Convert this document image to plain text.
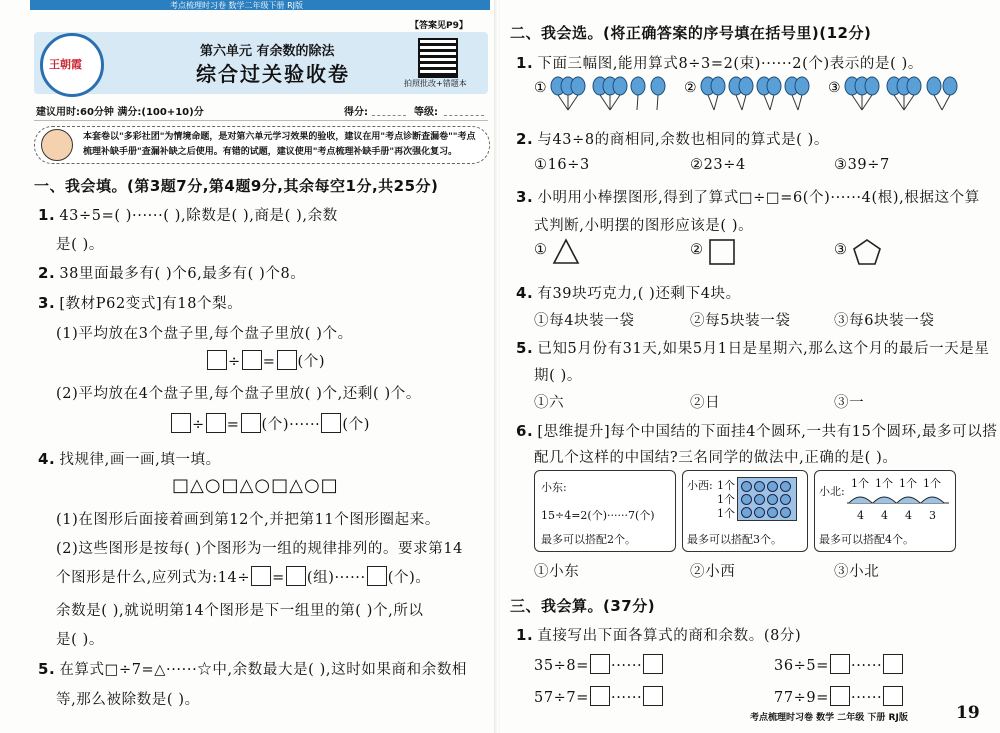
考点梳理时习卷 数学二年级下册 RJ版
【答案见P9】
王朝霞
第六单元 有余数的除法
综合过关验收卷	拍照批改+错题本
建议用时:60分钟 满分:(100+10)分	得分:	等级:
本套卷以"多彩社团"为情境命题，是对第六单元学习效果的验收，建议在用"考点诊断查漏卷""考点梳理补缺手册"查漏补缺之后使用。有错的试题，建议使用"考点梳理补缺手册"再次强化复习。
一、我会填。(第3题7分,第4题9分,其余每空1分,共25分)
1. 43÷5=( )······( ),除数是( ),商是( ),余数
是( )。
2. 38里面最多有( )个6,最多有( )个8。
3. [教材P62变式]有18个梨。
(1)平均放在3个盘子里,每个盘子里放( )个。
÷ = (个)
(2)平均放在4个盘子里,每个盘子里放( )个,还剩( )个。
÷ = (个)······ (个)
4. 找规律,画一画,填一填。
□△○□△○□△○□
(1)在图形后面接着画到第12个,并把第11个图形圈起来。
(2)这些图形是按每( )个图形为一组的规律排列的。要求第14
个图形是什么,应列式为:14÷ = (组)······ (个)。
余数是( ),就说明第14个图形是下一组里的第( )个,所以
是( )。
5. 在算式□÷7=△······☆中,余数最大是( ),这时如果商和余数相
等,那么被除数是( )。
二、我会选。(将正确答案的序号填在括号里)(12分)
1. 下面三幅图,能用算式8÷3=2(束)······2(个)表示的是( )。
①	②	③
2. 与43÷8的商相同,余数也相同的算式是( )。
①16÷3	②23÷4	③39÷7
3. 小明用小棒摆图形,得到了算式□÷□=6(个)······4(根),根据这个算
式判断,小明摆的图形应该是( )。
①	②	③
4. 有39块巧克力,( )还剩下4块。
①每4块装一袋	②每5块装一袋	③每6块装一袋
5. 已知5月份有31天,如果5月1日是星期六,那么这个月的最后一天是星
期( )。
①六	②日	③一
6. [思维提升]每个中国结的下面挂4个圆环,一共有15个圆环,最多可以搭
配几个这样的中国结?三名同学的做法中,正确的是( )。
小东:
15÷4=2(个)······7(个)
最多可以搭配2个。
小西: 1个
1个
1个
最多可以搭配3个。
小北:
1个 1个 1个 1个
4 4 4 3
最多可以搭配4个。
①小东	②小西	③小北
三、我会算。(37分)
1. 直接写出下面各算式的商和余数。(8分)
35÷8= ······	36÷5= ······
57÷7= ······	77÷9= ······
考点梳理时习卷 数学 二年级 下册 RJ版	19
